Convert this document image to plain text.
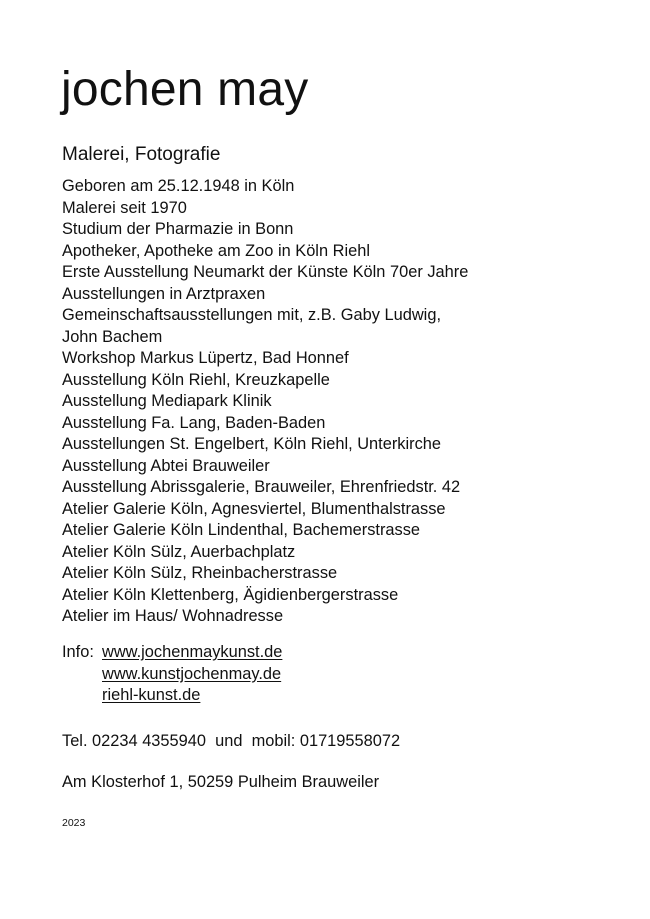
jochen may
Malerei, Fotografie
Geboren am 25.12.1948 in Köln
Malerei seit 1970
Studium der Pharmazie in Bonn
Apotheker, Apotheke am Zoo in Köln Riehl
Erste Ausstellung Neumarkt der Künste Köln 70er Jahre
Ausstellungen in Arztpraxen
Gemeinschaftsausstellungen mit, z.B. Gaby Ludwig,
John Bachem
Workshop Markus Lüpertz, Bad Honnef
Ausstellung Köln Riehl, Kreuzkapelle
Ausstellung Mediapark Klinik
Ausstellung Fa. Lang, Baden-Baden
Ausstellungen St. Engelbert, Köln Riehl, Unterkirche
Ausstellung Abtei Brauweiler
Ausstellung Abrissgalerie, Brauweiler, Ehrenfriedstr. 42
Atelier Galerie Köln, Agnesviertel, Blumenthalstrasse
Atelier Galerie Köln Lindenthal, Bachemerstrasse
Atelier Köln Sülz, Auerbachplatz
Atelier Köln Sülz, Rheinbacherstrasse
Atelier Köln Klettenberg, Ägidienbergerstrasse
Atelier im Haus/ Wohnadresse
Info: www.jochenmaykunst.de
www.kunstjochenmay.de
riehl-kunst.de
Tel. 02234 4355940  und  mobil: 01719558072
Am Klosterhof 1, 50259 Pulheim Brauweiler
2023
